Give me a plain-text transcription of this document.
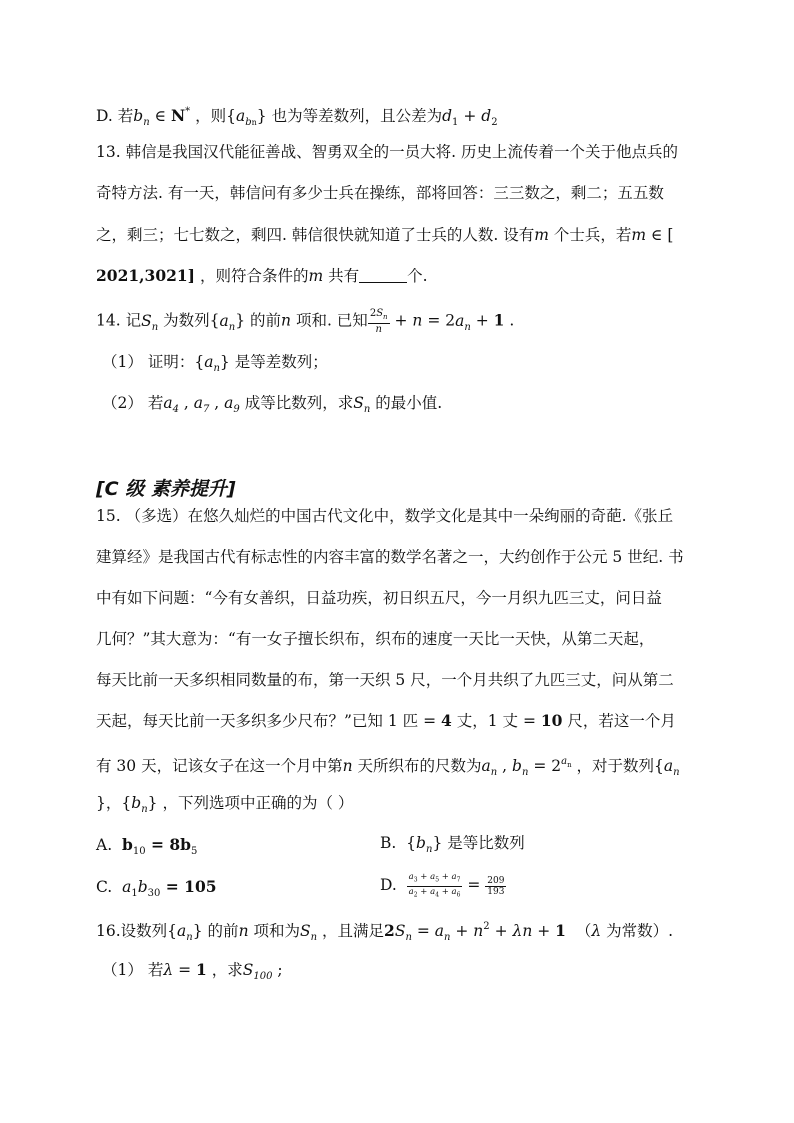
D. 若$b_n$ ∈ N* ，则$\{a_{bn}\}$ 也为等差数列，且公差为$d_1 + d_2$
13. 韩信是我国汉代能征善战、智勇双全的一员大将. 历史上流传着一个关于他点兵的
奇特方法. 有一天，韩信问有多少士兵在操练，部将回答：三三数之，剩二；五五数
之，剩三；七七数之，剩四. 韩信很快就知道了士兵的人数. 设有m 个士兵，若m ∈ [
2021,3021] ，则符合条件的m 共有	个.
14. 记$S_n$ 为数列$\{a_n\}$ 的前n 项和. 已知 $\frac{2S_n}{n} + n = 2a_n + 1$ .
（1） 证明：$\{a_n\}$ 是等差数列；
（2） 若$a_4$ , $a_7$ , $a_9$ 成等比数列，求$S_n$ 的最小值.
[C 级 素养提升]
15. （多选）在悠久灿烂的中国古代文化中，数学文化是其中一朵绚丽的奇葩.《张丘
建算经》是我国古代有标志性的内容丰富的数学名著之一，大约创作于公元 5 世纪. 书
中有如下问题：“今有女善织，日益功疾，初日织五尺，今一月织九匹三丈，问日益
几何？”其大意为：“有一女子擅长织布，织布的速度一天比一天快，从第二天起，
每天比前一天多织相同数量的布，第一天织 5 尺，一个月共织了九匹三丈，问从第二
天起，每天比前一天多织多少尺布？”已知 1 匹 = 4 丈，1 丈 = 10 尺，若这一个月
有 30 天，记该女子在这一个月中第n 天所织布的尺数为$a_n$ , $b_n = 2^{a_n}$ ，对于数列{$a_n$
}，$\{b_n\}$ ，下列选项中正确的为（ ）
A. $b_{10} = 8b_5$	B.  $\{b_n\}$ 是等比数列
C. $a_1b_{30} = 105$	D. $\frac{a_3 + a_5 + a_7}{a_2 + a_4 + a_6} = \frac{209}{193}$
16.设数列$\{a_n\}$ 的前n 项和为$S_n$ ，且满足$2S_n = a_n + n^2 + \lambda n + 1$ （λ 为常数）.
（1） 若λ = 1 ，求$S_{100}$ ;
